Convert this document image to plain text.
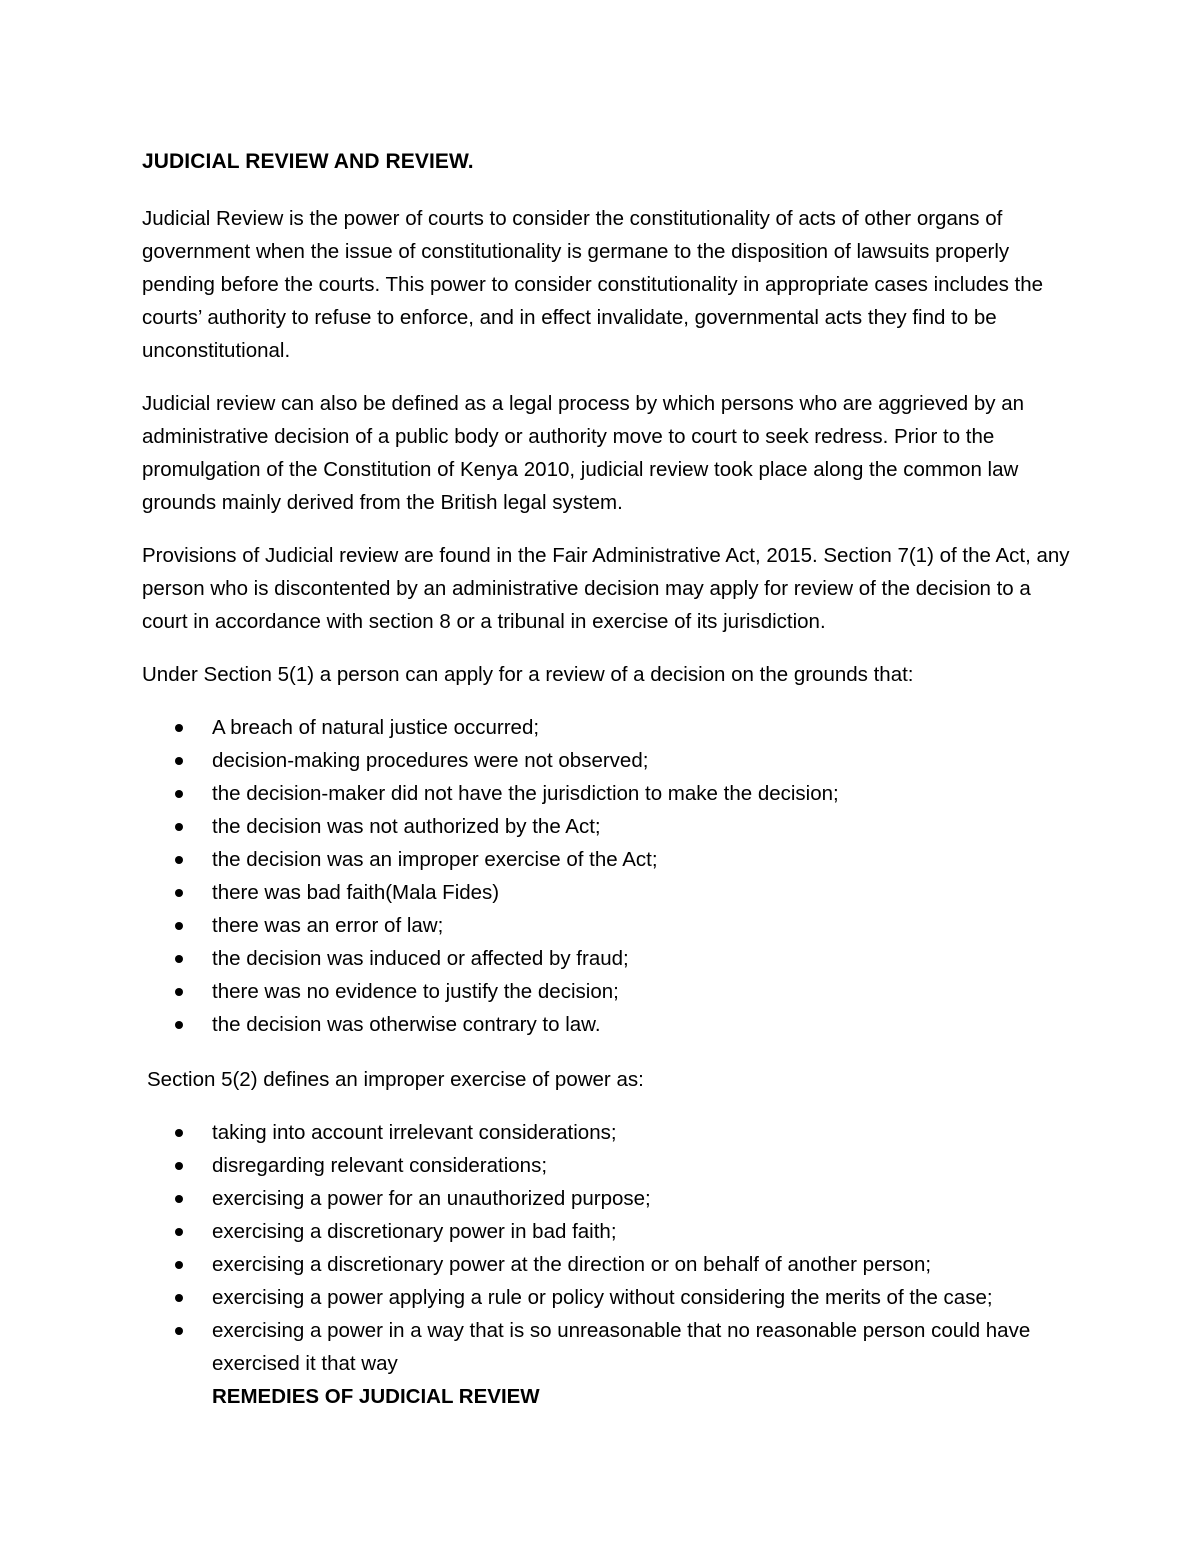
JUDICIAL REVIEW AND REVIEW.

Judicial Review is the power of courts to consider the constitutionality of acts of other organs of government when the issue of constitutionality is germane to the disposition of lawsuits properly pending before the courts. This power to consider constitutionality in appropriate cases includes the courts’ authority to refuse to enforce, and in effect invalidate, governmental acts they find to be unconstitutional.

Judicial review can also be defined as a legal process by which persons who are aggrieved by an administrative decision of a public body or authority move to court to seek redress. Prior to the promulgation of the Constitution of Kenya 2010, judicial review took place along the common law grounds mainly derived from the British legal system.

Provisions of Judicial review are found in the Fair Administrative Act, 2015. Section 7(1) of the Act, any person who is discontented by an administrative decision may apply for review of the decision to a court in accordance with section 8 or a tribunal in exercise of its jurisdiction.

Under Section 5(1) a person can apply for a review of a decision on the grounds that:

A breach of natural justice occurred;
decision-making procedures were not observed;
the decision-maker did not have the jurisdiction to make the decision;
the decision was not authorized by the Act;
the decision was an improper exercise of the Act;
there was bad faith(Mala Fides)
there was an error of law;
the decision was induced or affected by fraud;
there was no evidence to justify the decision;
the decision was otherwise contrary to law.

Section 5(2) defines an improper exercise of power as:

taking into account irrelevant considerations;
disregarding relevant considerations;
exercising a power for an unauthorized purpose;
exercising a discretionary power in bad faith;
exercising a discretionary power at the direction or on behalf of another person;
exercising a power applying a rule or policy without considering the merits of the case;
exercising a power in a way that is so unreasonable that no reasonable person could have exercised it that way
REMEDIES OF JUDICIAL REVIEW
